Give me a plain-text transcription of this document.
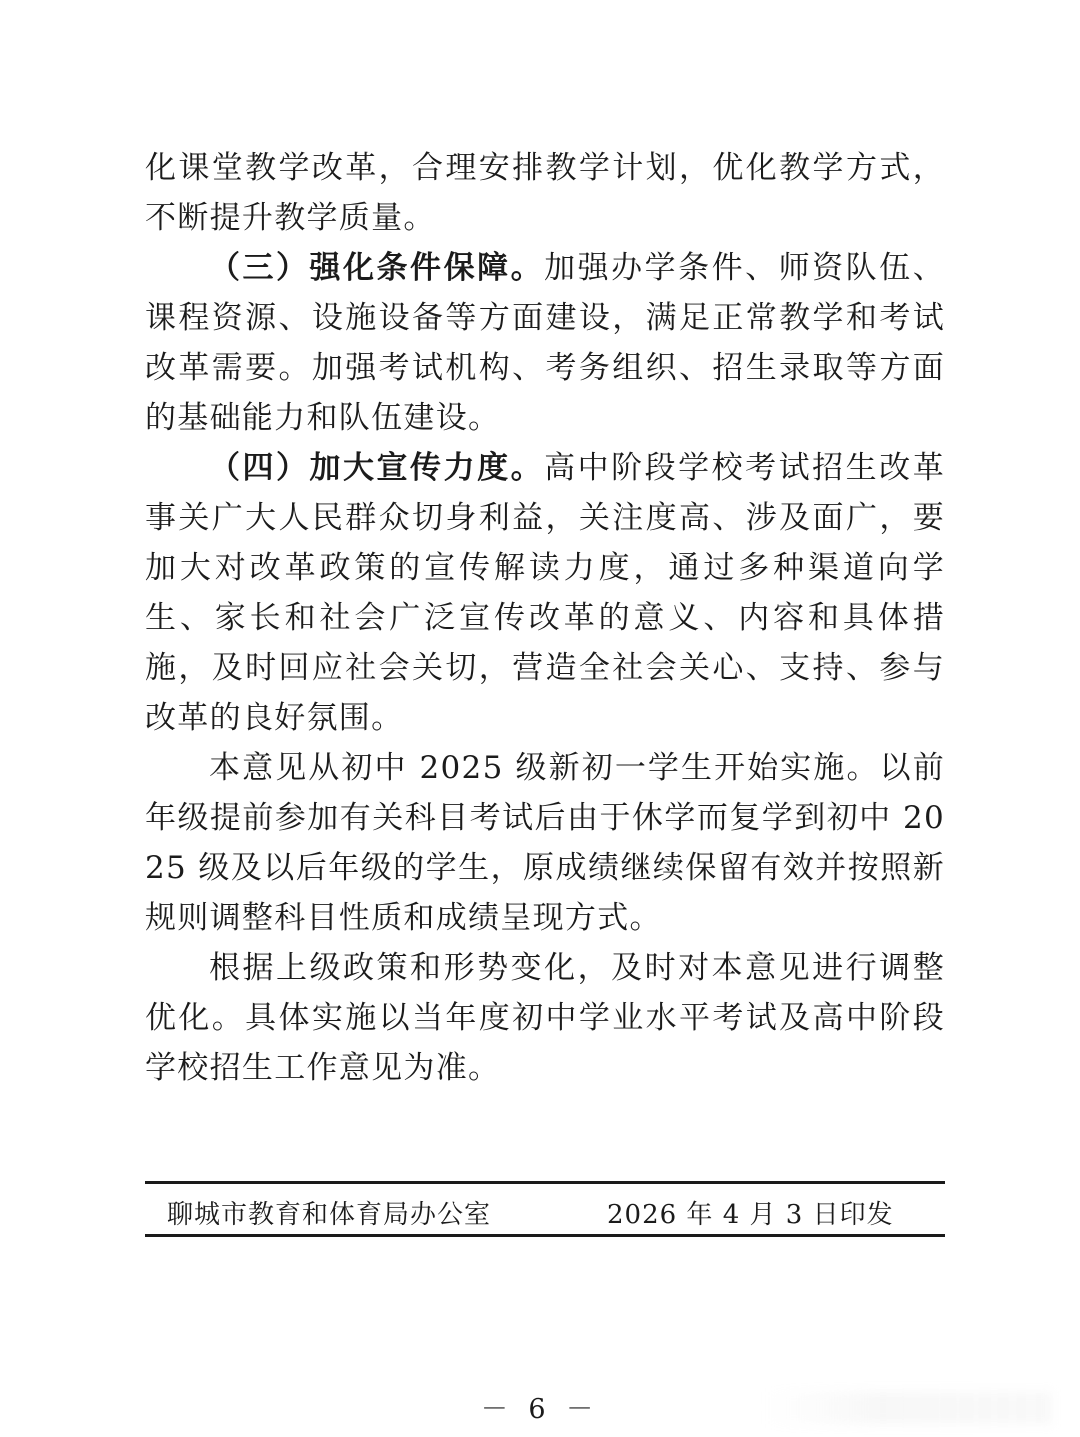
化课堂教学改革，合理安排教学计划，优化教学方式，不断提升教学质量。

（三）强化条件保障。加强办学条件、师资队伍、课程资源、设施设备等方面建设，满足正常教学和考试改革需要。加强考试机构、考务组织、招生录取等方面的基础能力和队伍建设。

（四）加大宣传力度。高中阶段学校考试招生改革事关广大人民群众切身利益，关注度高、涉及面广，要加大对改革政策的宣传解读力度，通过多种渠道向学生、家长和社会广泛宣传改革的意义、内容和具体措施，及时回应社会关切，营造全社会关心、支持、参与改革的良好氛围。

本意见从初中 2025 级新初一学生开始实施。以前年级提前参加有关科目考试后由于休学而复学到初中 2025 级及以后年级的学生，原成绩继续保留有效并按照新规则调整科目性质和成绩呈现方式。

根据上级政策和形势变化，及时对本意见进行调整优化。具体实施以当年度初中学业水平考试及高中阶段学校招生工作意见为准。

聊城市教育和体育局办公室	2026 年 4 月 3 日印发
－ 6 －
